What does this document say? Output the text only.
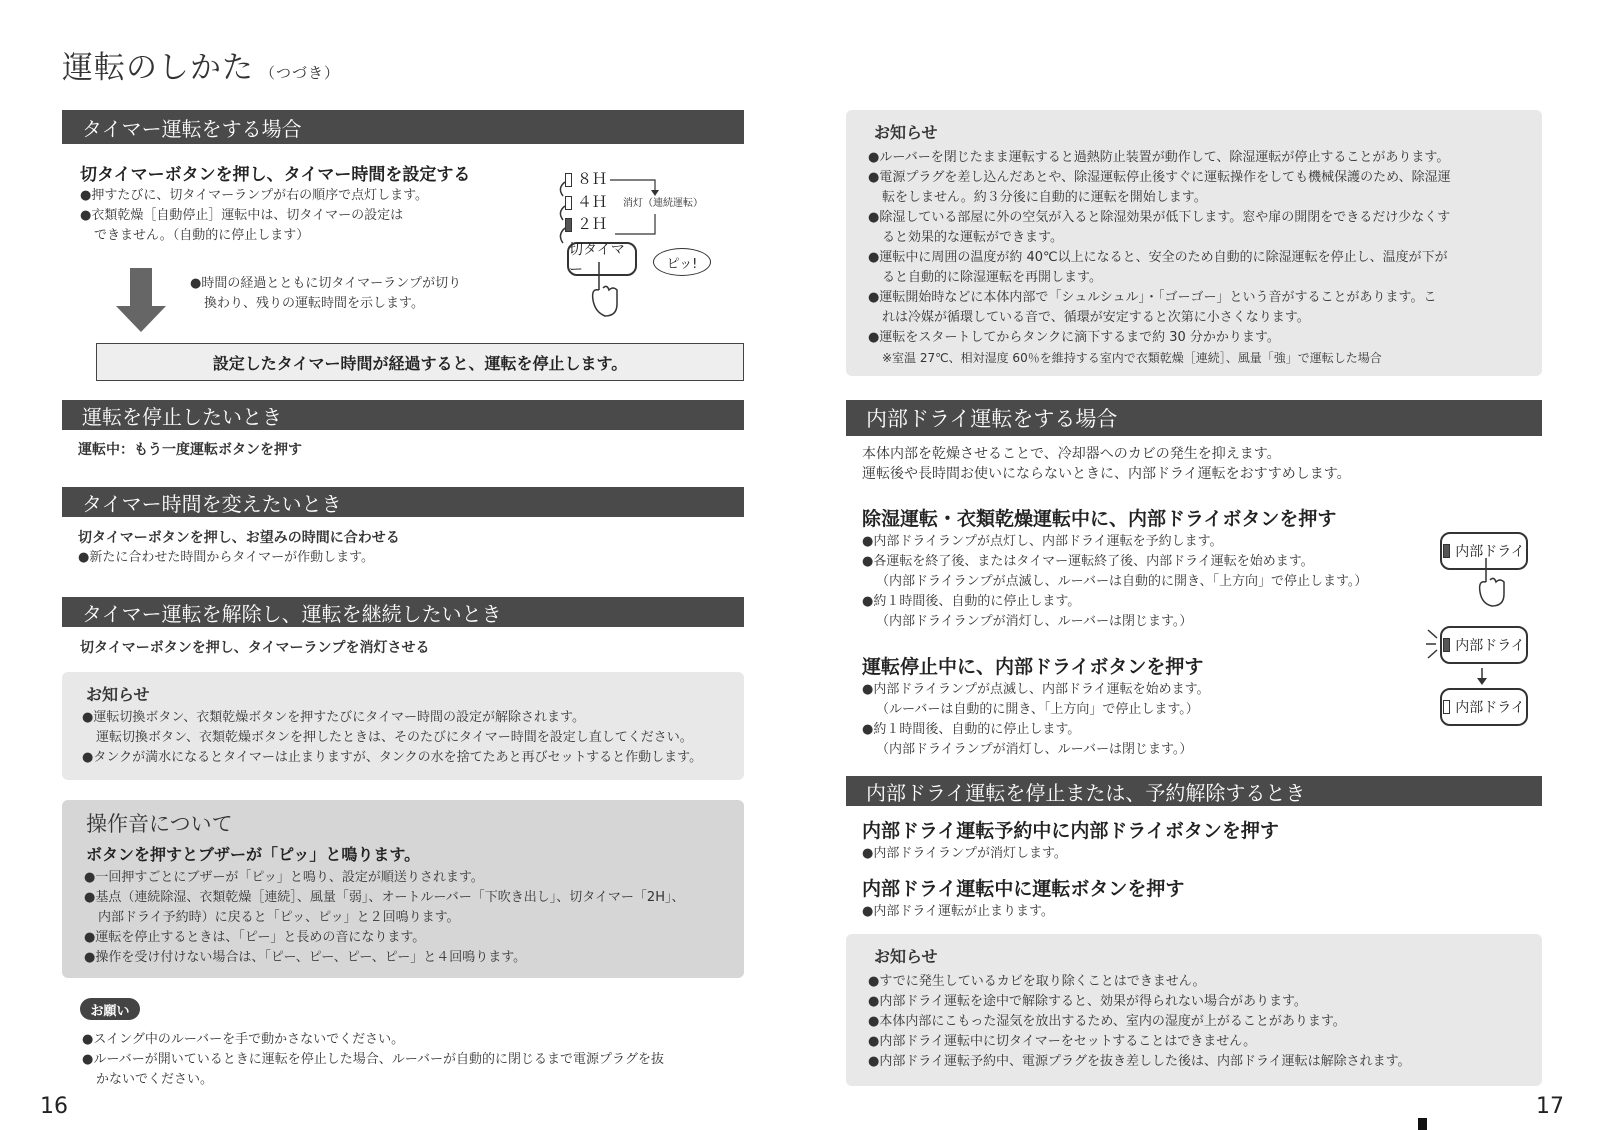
運転のしかた （つづき）
タイマー運転をする場合
切タイマーボタンを押し、タイマー時間を設定する
●押すたびに、切タイマーランプが右の順序で点灯します。
●衣類乾燥［自動停止］運転中は、切タイマーの設定は
できません。（自動的に停止します）
８Ｈ
４Ｈ
２Ｈ
消灯（連続運転）
切タイマー	ピッ!
●時間の経過とともに切タイマーランプが切り
換わり、残りの運転時間を示します。
設定したタイマー時間が経過すると、運転を停止します。
運転を停止したいとき
運転中：もう一度運転ボタンを押す
タイマー時間を変えたいとき
切タイマーボタンを押し、お望みの時間に合わせる
●新たに合わせた時間からタイマーが作動します。
タイマー運転を解除し、運転を継続したいとき
切タイマーボタンを押し、タイマーランプを消灯させる
お知らせ
●運転切換ボタン、衣類乾燥ボタンを押すたびにタイマー時間の設定が解除されます。
運転切換ボタン、衣類乾燥ボタンを押したときは、そのたびにタイマー時間を設定し直してください。
●タンクが満水になるとタイマーは止まりますが、タンクの水を捨てたあと再びセットすると作動します。
操作音について
ボタンを押すとブザーが「ピッ」と鳴ります。
●一回押すごとにブザーが「ピッ」と鳴り、設定が順送りされます。
●基点（連続除湿、衣類乾燥［連続］、風量「弱」、オートルーバー「下吹き出し」、切タイマー「2H」、
内部ドライ予約時）に戻ると「ピッ、ピッ」と２回鳴ります。
●運転を停止するときは、「ピー」と長めの音になります。
●操作を受け付けない場合は、「ピー、ピー、ピー、ピー」と４回鳴ります。
お願い
●スイング中のルーバーを手で動かさないでください。
●ルーバーが開いているときに運転を停止した場合、ルーバーが自動的に閉じるまで電源プラグを抜
かないでください。
16
お知らせ
●ルーバーを閉じたまま運転すると過熱防止装置が動作して、除湿運転が停止することがあります。
●電源プラグを差し込んだあとや、除湿運転停止後すぐに運転操作をしても機械保護のため、除湿運
転をしません。約３分後に自動的に運転を開始します。
●除湿している部屋に外の空気が入ると除湿効果が低下します。窓や扉の開閉をできるだけ少なくす
ると効果的な運転ができます。
●運転中に周囲の温度が約 40℃以上になると、安全のため自動的に除湿運転を停止し、温度が下が
ると自動的に除湿運転を再開します。
●運転開始時などに本体内部で「シュルシュル」・「ゴーゴー」という音がすることがあります。こ
れは冷媒が循環している音で、循環が安定すると次第に小さくなります。
●運転をスタートしてからタンクに滴下するまで約 30 分かかります。
※室温 27℃、相対湿度 60％を維持する室内で衣類乾燥［連続］、風量「強」で運転した場合
内部ドライ運転をする場合
本体内部を乾燥させることで、冷却器へのカビの発生を抑えます。
運転後や長時間お使いにならないときに、内部ドライ運転をおすすめします。
除湿運転・衣類乾燥運転中に、内部ドライボタンを押す
●内部ドライランプが点灯し、内部ドライ運転を予約します。
●各運転を終了後、またはタイマー運転終了後、内部ドライ運転を始めます。
（内部ドライランプが点滅し、ルーバーは自動的に開き、「上方向」で停止します。）
●約１時間後、自動的に停止します。
（内部ドライランプが消灯し、ルーバーは閉じます。）
内部ドライ
運転停止中に、内部ドライボタンを押す
●内部ドライランプが点滅し、内部ドライ運転を始めます。
（ルーバーは自動的に開き、「上方向」で停止します。）
●約１時間後、自動的に停止します。
（内部ドライランプが消灯し、ルーバーは閉じます。）
内部ドライ
内部ドライ
内部ドライ運転を停止または、予約解除するとき
内部ドライ運転予約中に内部ドライボタンを押す
●内部ドライランプが消灯します。
内部ドライ運転中に運転ボタンを押す
●内部ドライ運転が止まります。
お知らせ
●すでに発生しているカビを取り除くことはできません。
●内部ドライ運転を途中で解除すると、効果が得られない場合があります。
●本体内部にこもった湿気を放出するため、室内の湿度が上がることがあります。
●内部ドライ運転中に切タイマーをセットすることはできません。
●内部ドライ運転予約中、電源プラグを抜き差しした後は、内部ドライ運転は解除されます。
17
